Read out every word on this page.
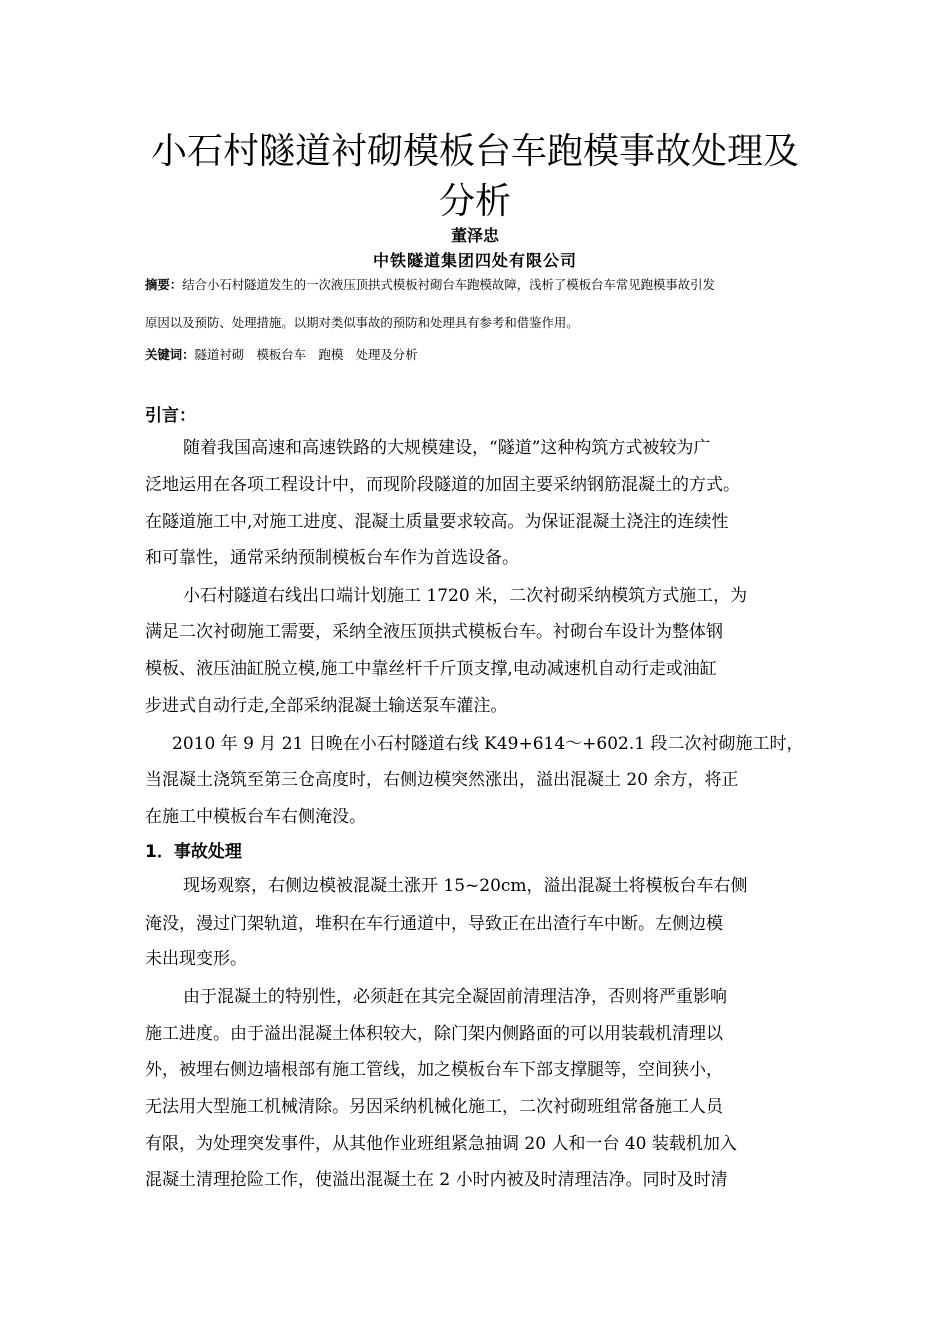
小石村隧道衬砌模板台车跑模事故处理及
分析
董泽忠
中铁隧道集团四处有限公司
摘要：结合小石村隧道发生的一次液压顶拱式模板衬砌台车跑模故障，浅析了模板台车常见跑模事故引发
原因以及预防、处理措施。以期对类似事故的预防和处理具有参考和借鉴作用。
关键词：隧道衬砌　模板台车　跑模　处理及分析
引言：
随着我国高速和高速铁路的大规模建设，“隧道”这种构筑方式被较为广
泛地运用在各项工程设计中，而现阶段隧道的加固主要采纳钢筋混凝土的方式。
在隧道施工中,对施工进度、混凝土质量要求较高。为保证混凝土浇注的连续性
和可靠性，通常采纳预制模板台车作为首选设备。
小石村隧道右线出口端计划施工 1720 米，二次衬砌采纳模筑方式施工，为
满足二次衬砌施工需要，采纳全液压顶拱式模板台车。衬砌台车设计为整体钢
模板、液压油缸脱立模,施工中靠丝杆千斤顶支撑,电动减速机自动行走或油缸
步进式自动行走,全部采纳混凝土输送泵车灌注。
2010 年 9 月 21 日晚在小石村隧道右线 K49+614～+602.1 段二次衬砌施工时，
当混凝土浇筑至第三仓高度时，右侧边模突然涨出，溢出混凝土 20 余方，将正
在施工中模板台车右侧淹没。
1．事故处理
现场观察，右侧边模被混凝土涨开 15~20cm，溢出混凝土将模板台车右侧
淹没，漫过门架轨道，堆积在车行通道中，导致正在出渣行车中断。左侧边模
未出现变形。
由于混凝土的特别性，必须赶在其完全凝固前清理洁净，否则将严重影响
施工进度。由于溢出混凝土体积较大，除门架内侧路面的可以用装载机清理以
外，被埋右侧边墙根部有施工管线，加之模板台车下部支撑腿等，空间狭小，
无法用大型施工机械清除。另因采纳机械化施工，二次衬砌班组常备施工人员
有限，为处理突发事件，从其他作业班组紧急抽调 20 人和一台 40 装载机加入
混凝土清理抢险工作，使溢出混凝土在 2 小时内被及时清理洁净。同时及时清
